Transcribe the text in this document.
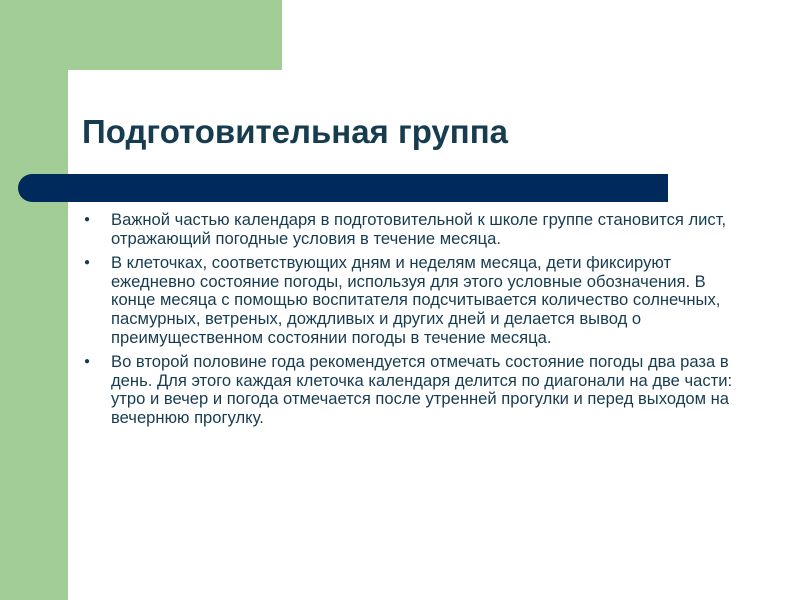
Подготовительная группа
● Важной частью календаря в подготовительной к школе группе становится лист, отражающий погодные условия в течение месяца.
● В клеточках, соответствующих дням и неделям месяца, дети фиксируют ежедневно состояние погоды, используя для этого условные обозначения. В конце месяца с помощью воспитателя подсчитывается количество солнечных, пасмурных, ветреных, дождливых и других дней и делается вывод о преимущественном состоянии погоды в течение месяца.
● Во второй половине года рекомендуется отмечать состояние погоды два раза в день. Для этого каждая клеточка календаря делится по диагонали на две части: утро и вечер и погода отмечается после утренней прогулки и перед выходом на вечернюю прогулку.
